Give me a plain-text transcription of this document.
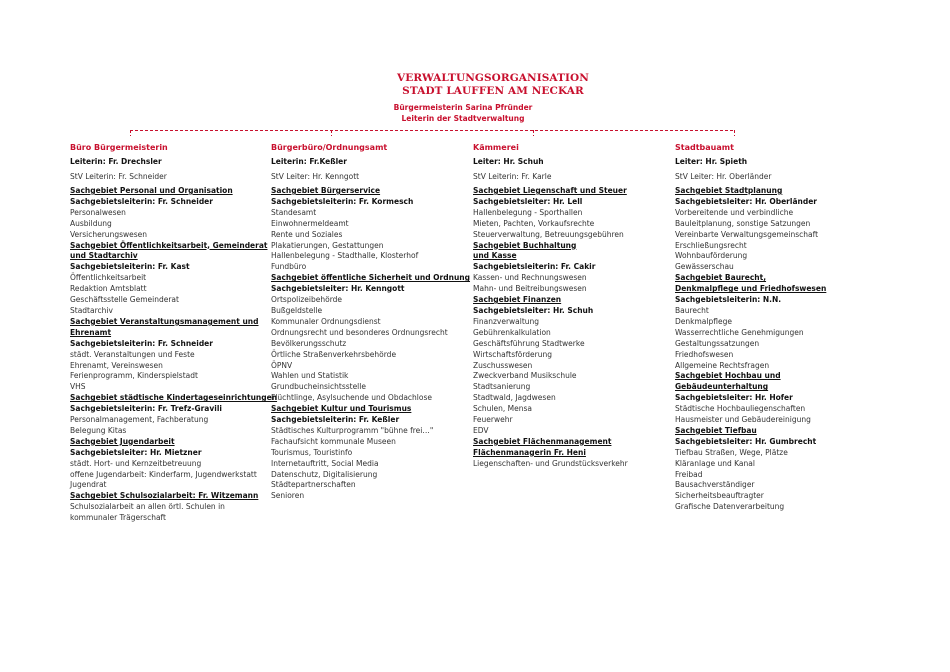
VERWALTUNGSORGANISATION
STADT LAUFFEN AM NECKAR
Bürgermeisterin Sarina Pfründer
Leiterin der Stadtverwaltung
Büro Bürgermeisterin
Leiterin: Fr. Drechsler
StV Leiterin: Fr. Schneider
Sachgebiet Personal und Organisation
Sachgebietsleiterin: Fr. Schneider
Personalwesen
Ausbildung
Versicherungswesen
Sachgebiet Öffentlichkeitsarbeit, Gemeinderat
und Stadtarchiv
Sachgebietsleiterin: Fr. Kast
Öffentlichkeitsarbeit
Redaktion Amtsblatt
Geschäftsstelle Gemeinderat
Stadtarchiv
Sachgebiet Veranstaltungsmanagement und
Ehrenamt
Sachgebietsleiterin: Fr. Schneider
städt. Veranstaltungen und Feste
Ehrenamt, Vereinswesen
Ferienprogramm, Kinderspielstadt
VHS
Sachgebiet städtische Kindertageseinrichtungen
Sachgebietsleiterin: Fr. Trefz-Gravili
Personalmanagement, Fachberatung
Belegung Kitas
Sachgebiet Jugendarbeit
Sachgebietsleiter: Hr. Mietzner
städt. Hort- und Kernzeitbetreuung
offene Jugendarbeit: Kinderfarm, Jugendwerkstatt
Jugendrat
Sachgebiet Schulsozialarbeit: Fr. Witzemann
Schulsozialarbeit an allen örtl. Schulen in
kommunaler Trägerschaft
Bürgerbüro/Ordnungsamt
Leiterin: Fr.Keßler
StV Leiter: Hr. Kenngott
Sachgebiet Bürgerservice
Sachgebietsleiterin: Fr. Kormesch
Standesamt
Einwohnermeldeamt
Rente und Soziales
Plakatierungen, Gestattungen
Hallenbelegung - Stadthalle, Klosterhof
Fundbüro
Sachgebiet öffentliche Sicherheit und Ordnung
Sachgebietsleiter: Hr. Kenngott
Ortspolizeibehörde
Bußgeldstelle
Kommunaler Ordnungsdienst
Ordnungsrecht und besonderes Ordnungsrecht
Bevölkerungsschutz
Örtliche Straßenverkehrsbehörde
ÖPNV
Wahlen und Statistik
Grundbucheinsichtsstelle
Flüchtlinge, Asylsuchende und Obdachlose
Sachgebiet Kultur und Tourismus
Sachgebietsleiterin: Fr. Keßler
Städtisches Kulturprogramm "bühne frei…"
Fachaufsicht kommunale Museen
Tourismus, Touristinfo
Internetauftritt, Social Media
Datenschutz, Digitalisierung
Städtepartnerschaften
Senioren
Kämmerei
Leiter: Hr. Schuh
StV Leiterin: Fr. Karle
Sachgebiet Liegenschaft und Steuer
Sachgebietsleiter: Hr. Lell
Hallenbelegung - Sporthallen
Mieten, Pachten, Vorkaufsrechte
Steuerverwaltung, Betreuungsgebühren
Sachgebiet Buchhaltung
und Kasse
Sachgebietsleiterin: Fr. Cakir
Kassen- und Rechnungswesen
Mahn- und Beitreibungswesen
Sachgebiet Finanzen
Sachgebietsleiter: Hr. Schuh
Finanzverwaltung
Gebührenkalkulation
Geschäftsführung Stadtwerke
Wirtschaftsförderung
Zuschusswesen
Zweckverband Musikschule
Stadtsanierung
Stadtwald, Jagdwesen
Schulen, Mensa
Feuerwehr
EDV
Sachgebiet Flächenmanagement
Flächenmanagerin Fr. Heni
Liegenschaften- und Grundstücksverkehr
Stadtbauamt
Leiter: Hr. Spieth
StV Leiter: Hr. Oberländer
Sachgebiet Stadtplanung
Sachgebietsleiter: Hr. Oberländer
Vorbereitende und verbindliche
Bauleitplanung, sonstige Satzungen
Vereinbarte Verwaltungsgemeinschaft
Erschließungsrecht
Wohnbauförderung
Gewässerschau
Sachgebiet Baurecht,
Denkmalpflege und Friedhofswesen
Sachgebietsleiterin: N.N.
Baurecht
Denkmalpflege
Wasserrechtliche Genehmigungen
Gestaltungssatzungen
Friedhofswesen
Allgemeine Rechtsfragen
Sachgebiet Hochbau und
Gebäudeunterhaltung
Sachgebietsleiter: Hr. Hofer
Städtische Hochbauliegenschaften
Hausmeister und Gebäudereinigung
Sachgebiet Tiefbau
Sachgebietsleiter: Hr. Gumbrecht
Tiefbau Straßen, Wege, Plätze
Kläranlage und Kanal
Freibad
Bausachverständiger
Sicherheitsbeauftragter
Grafische Datenverarbeitung
